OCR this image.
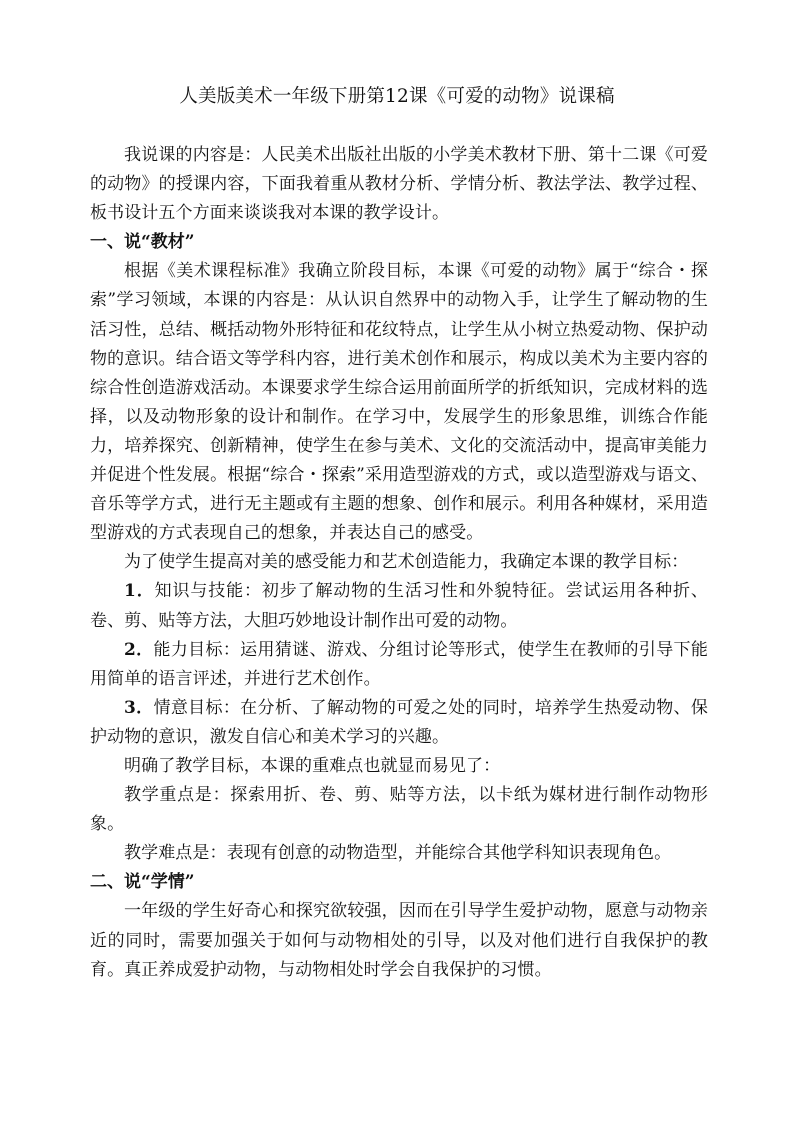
人美版美术一年级下册第12课《可爱的动物》说课稿

我说课的内容是：人民美术出版社出版的小学美术教材下册、第十二课《可爱的动物》的授课内容，下面我着重从教材分析、学情分析、教法学法、教学过程、板书设计五个方面来谈谈我对本课的教学设计。

一、说“教材”

根据《美术课程标准》我确立阶段目标，本课《可爱的动物》属于“综合・探索”学习领域，本课的内容是：从认识自然界中的动物入手，让学生了解动物的生活习性，总结、概括动物外形特征和花纹特点，让学生从小树立热爱动物、保护动物的意识。结合语文等学科内容，进行美术创作和展示，构成以美术为主要内容的综合性创造游戏活动。本课要求学生综合运用前面所学的折纸知识，完成材料的选择，以及动物形象的设计和制作。在学习中，发展学生的形象思维，训练合作能力，培养探究、创新精神，使学生在参与美术、文化的交流活动中，提高审美能力并促进个性发展。根据“综合・探索”采用造型游戏的方式，或以造型游戏与语文、音乐等学方式，进行无主题或有主题的想象、创作和展示。利用各种媒材，采用造型游戏的方式表现自己的想象，并表达自己的感受。

为了使学生提高对美的感受能力和艺术创造能力，我确定本课的教学目标：

1．知识与技能：初步了解动物的生活习性和外貌特征。尝试运用各种折、卷、剪、贴等方法，大胆巧妙地设计制作出可爱的动物。

2．能力目标：运用猜谜、游戏、分组讨论等形式，使学生在教师的引导下能用简单的语言评述，并进行艺术创作。

3．情意目标：在分析、了解动物的可爱之处的同时，培养学生热爱动物、保护动物的意识，激发自信心和美术学习的兴趣。

明确了教学目标，本课的重难点也就显而易见了：

教学重点是：探索用折、卷、剪、贴等方法，以卡纸为媒材进行制作动物形象。

教学难点是：表现有创意的动物造型，并能综合其他学科知识表现角色。

二、说“学情”

一年级的学生好奇心和探究欲较强，因而在引导学生爱护动物，愿意与动物亲近的同时，需要加强关于如何与动物相处的引导，以及对他们进行自我保护的教育。真正养成爱护动物，与动物相处时学会自我保护的习惯。
